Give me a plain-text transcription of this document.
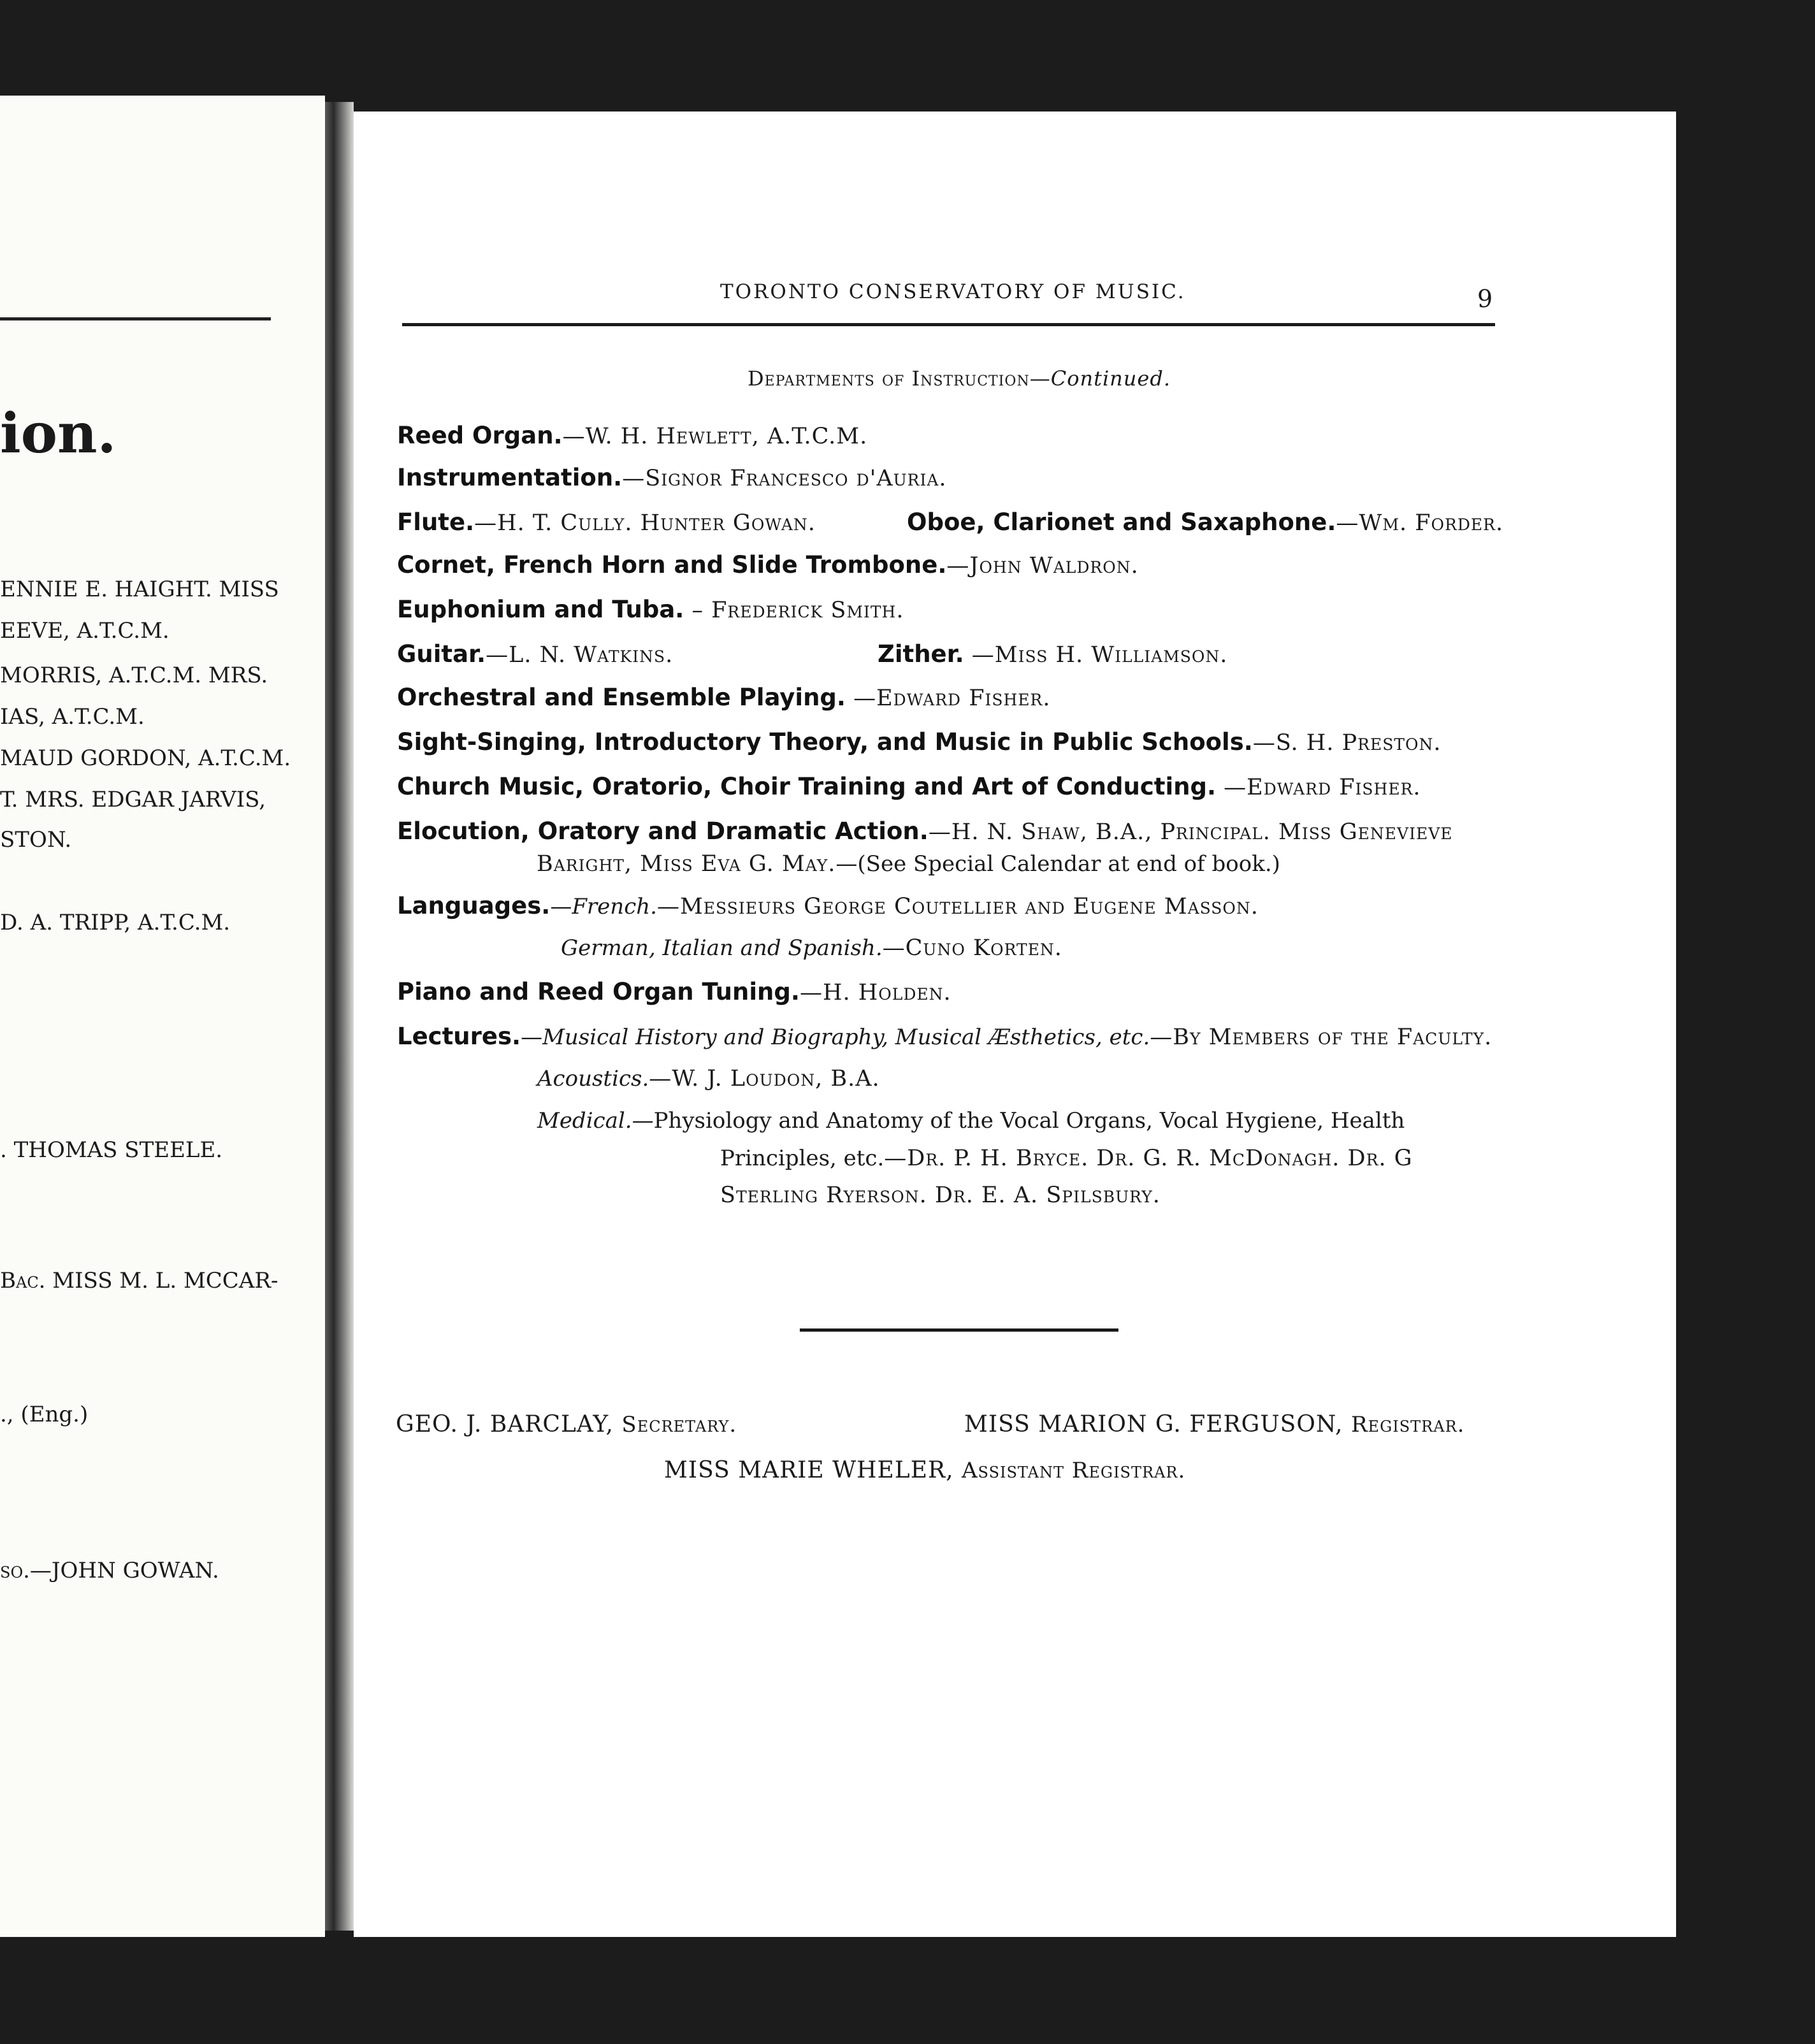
ion.
ENNIE E. HAIGHT. MISS
EEVE, A.T.C.M.
MORRIS, A.T.C.M. MRS.
IAS, A.T.C.M.
MAUD GORDON, A.T.C.M.
T. MRS. EDGAR JARVIS,
STON.
D. A. TRIPP, A.T.C.M.
. THOMAS STEELE.
Bac. MISS M. L. MCCAR-
., (Eng.)
so.—JOHN GOWAN.
TORONTO CONSERVATORY OF MUSIC.	9
Departments of Instruction—Continued.
Reed Organ.—W. H. Hewlett, A.T.C.M.
Instrumentation.—Signor Francesco d'Auria.
Flute.—H. T. Cully. Hunter Gowan.	Oboe, Clarionet and Saxaphone.—Wm. Forder.
Cornet, French Horn and Slide Trombone.—John Waldron.
Euphonium and Tuba. – Frederick Smith.
Guitar.—L. N. Watkins.	Zither. —Miss H. Williamson.
Orchestral and Ensemble Playing. —Edward Fisher.
Sight-Singing, Introductory Theory, and Music in Public Schools.—S. H. Preston.
Church Music, Oratorio, Choir Training and Art of Conducting. —Edward Fisher.
Elocution, Oratory and Dramatic Action.—H. N. Shaw, B.A., Principal. Miss Genevieve
Baright, Miss Eva G. May.—(See Special Calendar at end of book.)
Languages.—French.—Messieurs George Coutellier and Eugene Masson.
German, Italian and Spanish.—Cuno Korten.
Piano and Reed Organ Tuning.—H. Holden.
Lectures.—Musical History and Biography, Musical Æsthetics, etc.—By Members of the Faculty.
Acoustics.—W. J. Loudon, B.A.
Medical.—Physiology and Anatomy of the Vocal Organs, Vocal Hygiene, Health
Principles, etc.—Dr. P. H. Bryce. Dr. G. R. McDonagh. Dr. G
Sterling Ryerson. Dr. E. A. Spilsbury.
GEO. J. BARCLAY, Secretary.	MISS MARION G. FERGUSON, Registrar.
MISS MARIE WHELER, Assistant Registrar.
